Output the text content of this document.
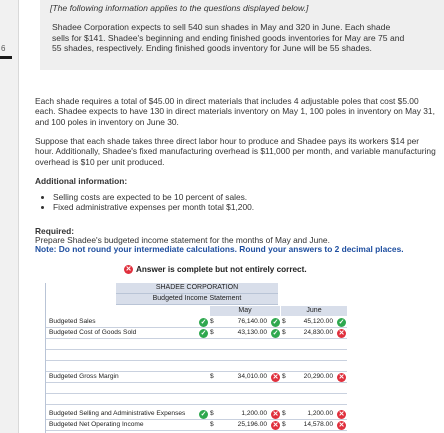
6
[The following information applies to the questions displayed below.]
Shadee Corporation expects to sell 540 sun shades in May and 320 in June. Each shade sells for $141. Shadee's beginning and ending finished goods inventories for May are 75 and 55 shades, respectively. Ending finished goods inventory for June will be 55 shades.
Each shade requires a total of $45.00 in direct materials that includes 4 adjustable poles that cost $5.00 each. Shadee expects to have 130 in direct materials inventory on May 1, 100 poles in inventory on May 31, and 100 poles in inventory on June 30.
Suppose that each shade takes three direct labor hour to produce and Shadee pays its workers $14 per hour. Additionally, Shadee's fixed manufacturing overhead is $11,000 per month, and variable manufacturing overhead is $10 per unit produced.
Additional information:
• Selling costs are expected to be 10 percent of sales.
• Fixed administrative expenses per month total $1,200.
Required:
Prepare Shadee's budgeted income statement for the months of May and June.
Note: Do not round your intermediate calculations. Round your answers to 2 decimal places.
✕ Answer is complete but not entirely correct.
SHADEE CORPORATION
Budgeted Income Statement
May	June
Budgeted Sales	✓ $	76,140.00 ✓ $	45,120.00 ✓
Budgeted Cost of Goods Sold	✓ $	43,130.00 ✓ $	24,830.00 ✕
Budgeted Gross Margin	$	34,010.00 ✕ $	20,290.00 ✕
Budgeted Selling and Administrative Expenses ✓ $	1,200.00 ✕ $	1,200.00 ✕
Budgeted Net Operating Income	$	25,196.00 ✕ $	14,578.00 ✕
